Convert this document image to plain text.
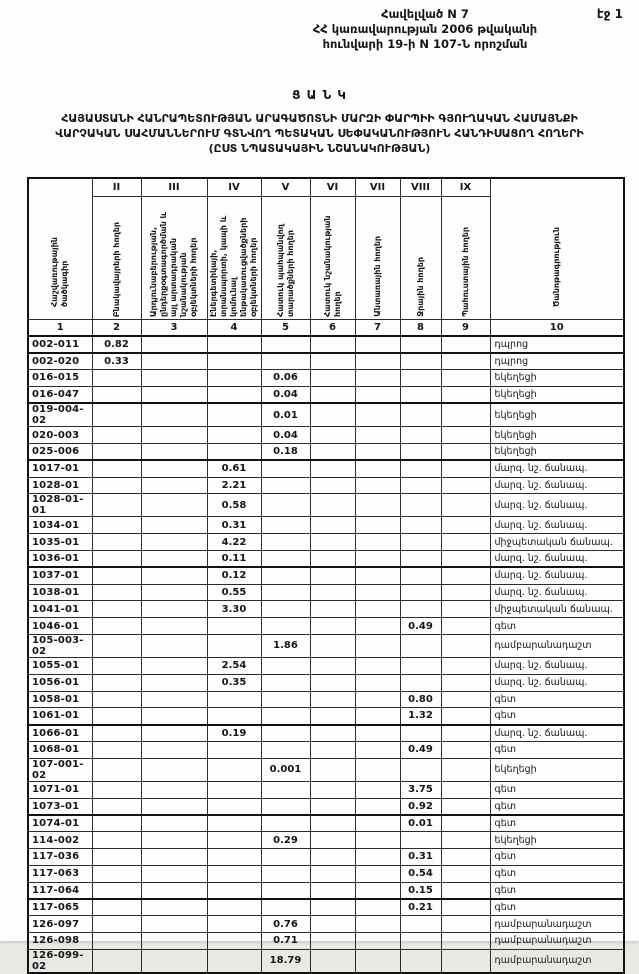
էջ 1
Հավելված N 7
ՀՀ կառավարության 2006 թվականի
հունվարի 19-ի N 107-Ն որոշման
Ց Ա Ն Կ
ՀԱՅԱՍՏԱՆԻ ՀԱՆՐԱՊԵՏՈՒԹՅԱՆ ԱՐԱԳԱԾՈՏՆԻ ՄԱՐԶԻ ՓԱՐՊԻԻ ԳՅՈՒՂԱԿԱՆ ՀԱՄԱՅՆՔԻ
ՎԱՐՉԱԿԱՆ ՍԱՀՄԱՆՆԵՐՈՒՄ ԳՏՆՎՈՂ ՊԵՏԱԿԱՆ ՍԵՓԱԿԱՆՈՒԹՅՈՒՆ ՀԱՆԴԻՍԱՑՈՂ ՀՈՂԵՐԻ
(ԸՍՏ ՆՊԱՏԱԿԱՅԻՆ ՆՇԱՆԱԿՈՒԹՅԱՆ)
Հաշվառութային ծածկագիր	II	III	IV	V	VI	VII	VIII	IX	Ծանոթագրություն

	Բնակավայրերի հողեր	Արդյունաբերության, ընդերքօգտագործման և այլ արտադրական նշանակության օբյեկտների հողեր	Էներգետիկայի, տրանսպորտի, կապի և կոմունալ ենթակառուցվածքների օբյեկտների հողեր	Հատուկ պահպանվող տարածքների հողեր	Հատուկ նշանակության հողեր	Անտառային հողեր	Ջրային հողեր	Պահուստային հողեր	

1	2	3	4	5	6	7	8	9	10
002-011	0.82								դպրոց
002-020	0.33								դպրոց
016-015				0.06					եկեղեցի
016-047				0.04					եկեղեցի
019-004-02				0.01					եկեղեցի
020-003				0.04					եկեղեցի
025-006				0.18					եկեղեցի
1017-01			0.61						մարզ. նշ. ճանապ.
1028-01			2.21						մարզ. նշ. ճանապ.
1028-01-01			0.58						մարզ. նշ. ճանապ.
1034-01			0.31						մարզ. նշ. ճանապ.
1035-01			4.22						միջպետական ճանապ.
1036-01			0.11						մարզ. նշ. ճանապ.
1037-01			0.12						մարզ. նշ. ճանապ.
1038-01			0.55						մարզ. նշ. ճանապ.
1041-01			3.30						միջպետական ճանապ.
1046-01							0.49		գետ
105-003-02				1.86					դամբարանադաշտ
1055-01			2.54						մարզ. նշ. ճանապ.
1056-01			0.35						մարզ. նշ. ճանապ.
1058-01							0.80		գետ
1061-01							1.32		գետ
1066-01			0.19						մարզ. նշ. ճանապ.
1068-01							0.49		գետ
107-001-02				0.001					եկեղեցի
1071-01							3.75		գետ
1073-01							0.92		գետ
1074-01							0.01		գետ
114-002				0.29					եկեղեցի
117-036							0.31		գետ
117-063							0.54		գետ
117-064							0.15		գետ
117-065							0.21		գետ
126-097				0.76					դամբարանադաշտ
126-098				0.71					դամբարանադաշտ
126-099-02				18.79					դամբարանադաշտ
